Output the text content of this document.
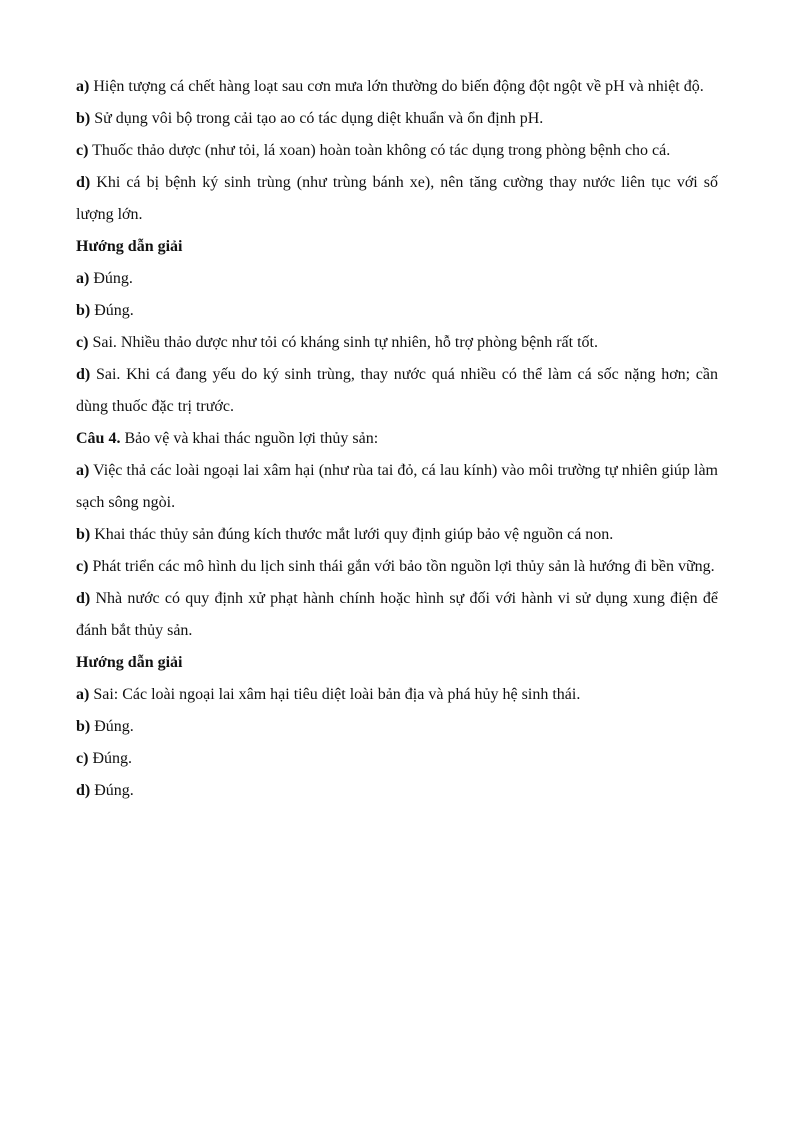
a) Hiện tượng cá chết hàng loạt sau cơn mưa lớn thường do biến động đột ngột về pH và nhiệt độ.

b) Sử dụng vôi bộ trong cải tạo ao có tác dụng diệt khuẩn và ổn định pH.

c) Thuốc thảo dược (như tỏi, lá xoan) hoàn toàn không có tác dụng trong phòng bệnh cho cá.

d) Khi cá bị bệnh ký sinh trùng (như trùng bánh xe), nên tăng cường thay nước liên tục với số lượng lớn.

Hướng dẫn giải

a) Đúng.

b) Đúng.

c) Sai. Nhiều thảo dược như tỏi có kháng sinh tự nhiên, hỗ trợ phòng bệnh rất tốt.

d) Sai. Khi cá đang yếu do ký sinh trùng, thay nước quá nhiều có thể làm cá sốc nặng hơn; cần dùng thuốc đặc trị trước.

Câu 4. Bảo vệ và khai thác nguồn lợi thủy sản:

a) Việc thả các loài ngoại lai xâm hại (như rùa tai đỏ, cá lau kính) vào môi trường tự nhiên giúp làm sạch sông ngòi.

b) Khai thác thủy sản đúng kích thước mắt lưới quy định giúp bảo vệ nguồn cá non.

c) Phát triển các mô hình du lịch sinh thái gắn với bảo tồn nguồn lợi thủy sản là hướng đi bền vững.

d) Nhà nước có quy định xử phạt hành chính hoặc hình sự đối với hành vi sử dụng xung điện để đánh bắt thủy sản.

Hướng dẫn giải

a) Sai: Các loài ngoại lai xâm hại tiêu diệt loài bản địa và phá hủy hệ sinh thái.

b) Đúng.

c) Đúng.

d) Đúng.
